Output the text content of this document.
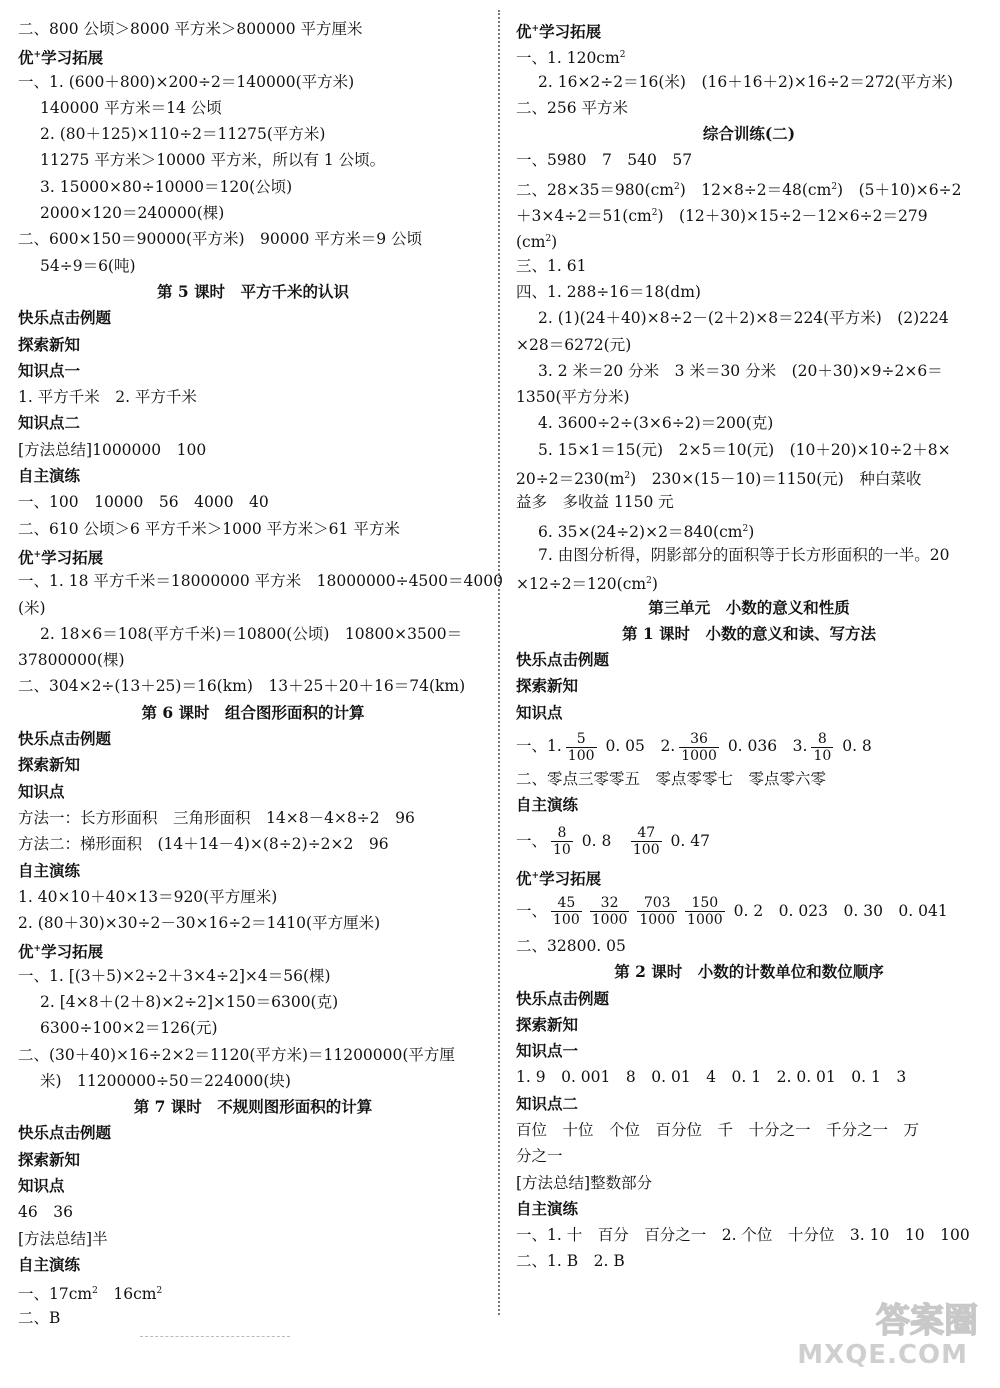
二、800 公顷＞8000 平方米＞800000 平方厘米
优+学习拓展
一、1. (600＋800)×200÷2＝140000(平方米)
140000 平方米＝14 公顷
2. (80＋125)×110÷2＝11275(平方米)
11275 平方米＞10000 平方米，所以有 1 公顷。
3. 15000×80÷10000＝120(公顷)
2000×120＝240000(棵)
二、600×150＝90000(平方米)　90000 平方米＝9 公顷
54÷9＝6(吨)
第 5 课时　平方千米的认识
快乐点击例题
探索新知
知识点一
1. 平方千米　2. 平方千米
知识点二
[方法总结]1000000　100
自主演练
一、100　10000　56　4000　40
二、610 公顷＞6 平方千米＞1000 平方米＞61 平方米
优+学习拓展
一、1. 18 平方千米＝18000000 平方米　18000000÷4500＝4000
(米)
2. 18×6＝108(平方千米)＝10800(公顷)　10800×3500＝
37800000(棵)
二、304×2÷(13＋25)＝16(km)　13＋25＋20＋16＝74(km)
第 6 课时　组合图形面积的计算
快乐点击例题
探索新知
知识点
方法一：长方形面积　三角形面积　14×8－4×8÷2　96
方法二：梯形面积　(14＋14－4)×(8÷2)÷2×2　96
自主演练
1. 40×10＋40×13＝920(平方厘米)
2. (80＋30)×30÷2－30×16÷2＝1410(平方厘米)
优+学习拓展
一、1. [(3＋5)×2÷2＋3×4÷2]×4＝56(棵)
2. [4×8＋(2＋8)×2÷2]×150＝6300(克)
6300÷100×2＝126(元)
二、(30＋40)×16÷2×2＝1120(平方米)＝11200000(平方厘
米)　11200000÷50＝224000(块)
第 7 课时　不规则图形面积的计算
快乐点击例题
探索新知
知识点
46　36
[方法总结]半
自主演练
一、$17cm^2$　$16cm^2$
二、B
优+学习拓展
一、1. $120cm^2$
2. 16×2÷2＝16(米)　(16＋16＋2)×16÷2＝272(平方米)
二、256 平方米
综合训练(二)
一、5980　7　540　57
二、$28\times 35=980(cm^2)$　$12\times 8\div 2=48(cm^2)$　(5＋10)×6÷2
$+3\times 4\div 2=51(cm^2)$　(12＋30)×15÷2－12×6÷2＝279
$(cm^2)$
三、1. 61
四、1. 288÷16＝18(dm)
2. (1)(24＋40)×8÷2－(2＋2)×8＝224(平方米)　(2)224
×28＝6272(元)
3. 2 米＝20 分米　3 米＝30 分米　(20＋30)×9÷2×6＝
1350(平方分米)
4. 3600÷2÷(3×6÷2)＝200(克)
5. 15×1＝15(元)　2×5＝10(元)　(10＋20)×10÷2＋8×
$20\div 2=230(m^2)$　230×(15－10)＝1150(元)　种白菜收
益多　多收益 1150 元
6. $35\times(24\div 2)\times 2=840(cm^2)$
7. 由图分析得，阴影部分的面积等于长方形面积的一半。20
$\times 12\div 2=120(cm^2)$
第三单元　小数的意义和性质
第 1 课时　小数的意义和读、写方法
快乐点击例题
探索新知
知识点
一、1. $\frac{5}{100} 0$. 05　 2. $\frac{36}{1000} 0$. 036　 3. $\frac{8}{10} 0$. 8
二、零点三零零五　零点零零七　零点零六零
自主演练
一、 $\frac{8}{10} 0$. 8　 $\frac{47}{100} 0$. 47
优+学习拓展
一、 $\frac{45}{100} \frac{32}{1000} \frac{703}{1000} \frac{150}{1000} 0$. 2　0. 023　0. 30　0. 041
二、32800. 05
第 2 课时　小数的计数单位和数位顺序
快乐点击例题
探索新知
知识点一
1. 9　0. 001　8　0. 01　4　0. 1　2. 0. 01　0. 1　3
知识点二
百位　十位　个位　百分位　千　十分之一　千分之一　万
分之一
[方法总结]整数部分
自主演练
一、1. 十　百分　百分之一　2. 个位　十分位　3. 10　10　100
二、1. B　2. B
答案圈
MXQE.COM
